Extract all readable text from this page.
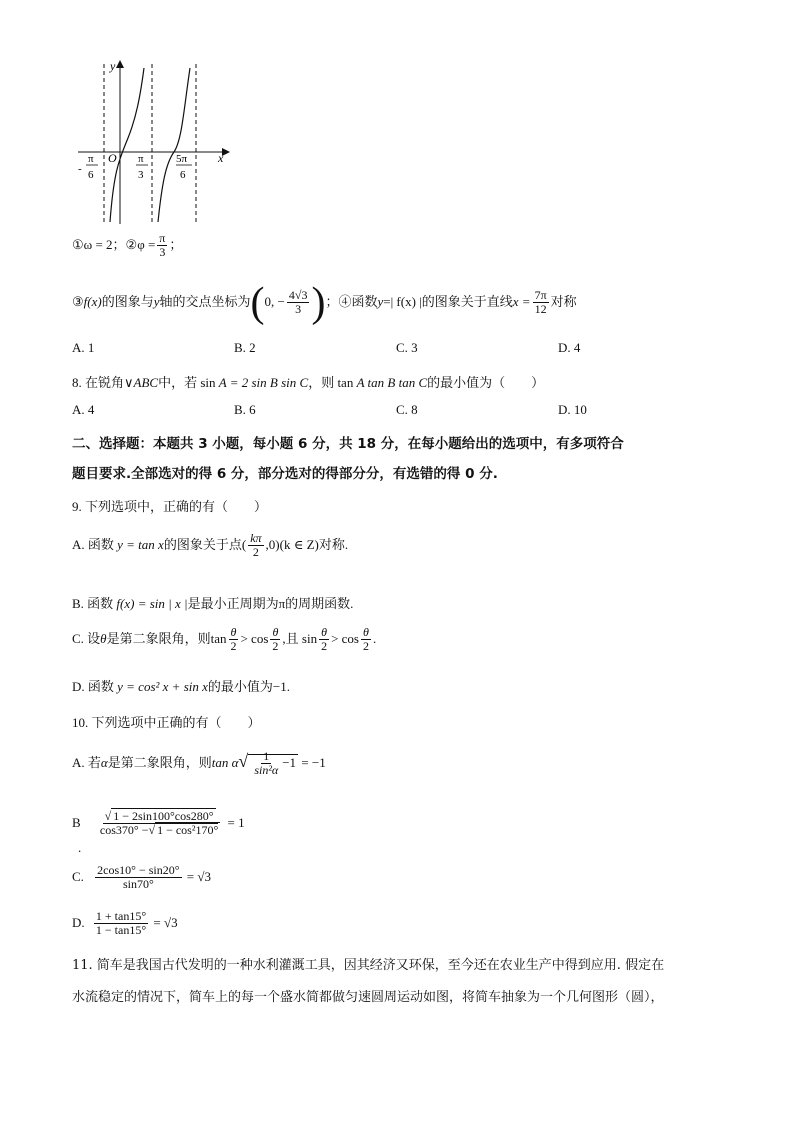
y
x
O
-
π
6
π
3
5π
6
①ω = 2；②φ = $\frac{\pi}{3}$ ；
③f(x)的图象与y轴的交点坐标为(0, − $\frac{4√3}{3}$ )；④函数y=| f(x) |的图象关于直线$x = \frac{7\pi}{12}$ 对称
A. 1	B. 2	C. 3	D. 4
8. 在锐角∨ABC中，若 sin A = 2 sin B sin C，则 tan A tan B tan C的最小值为（　　）
A. 4	B. 6	C. 8	D. 10
二、选择题：本题共 3 小题，每小题 6 分，共 18 分，在每小题给出的选项中，有多项符合
题目要求.全部选对的得 6 分，部分选对的得部分分，有选错的得 0 分.
9. 下列选项中，正确的有（　　）
A. 函数 y = tan x的图象关于点( $\frac{k\pi}{2} ,0)(k$ ∈ Z)对称.
B. 函数 f(x) = sin | x |是最小正周期为π的周期函数.
C. 设θ是第二象限角，则$\tan \frac{\theta}{2} > \cos \frac{\theta}{2}$ ,且 $\sin \frac{\theta}{2} > \cos \frac{\theta}{2}$ .
D. 函数 y = cos² x + sin x的最小值为−1.
10. 下列选项中正确的有（　　）
A. 若α是第二象限角，则$\tan \alpha√ \frac{1}{\text{sin²α}} -1 = -1$
B $\frac{√ 1 - 2\sin 100^\circ\cos 280^\circ}{\text{cos370° −√ 1 − cos²170°}} = 1$
.
C. $\frac{2\cos 10^\circ - \sin 20^\circ}{\sin 70^\circ} = √3$
D. $\frac{1 + \tan 15^\circ}{1 - \tan 15^\circ} = √3$
11. 简车是我国古代发明的一种水利灌溉工具，因其经济又环保，至今还在农业生产中得到应用. 假定在
水流稳定的情况下，简车上的每一个盛水简都做匀速圆周运动如图，将简车抽象为一个几何图形（圆），
